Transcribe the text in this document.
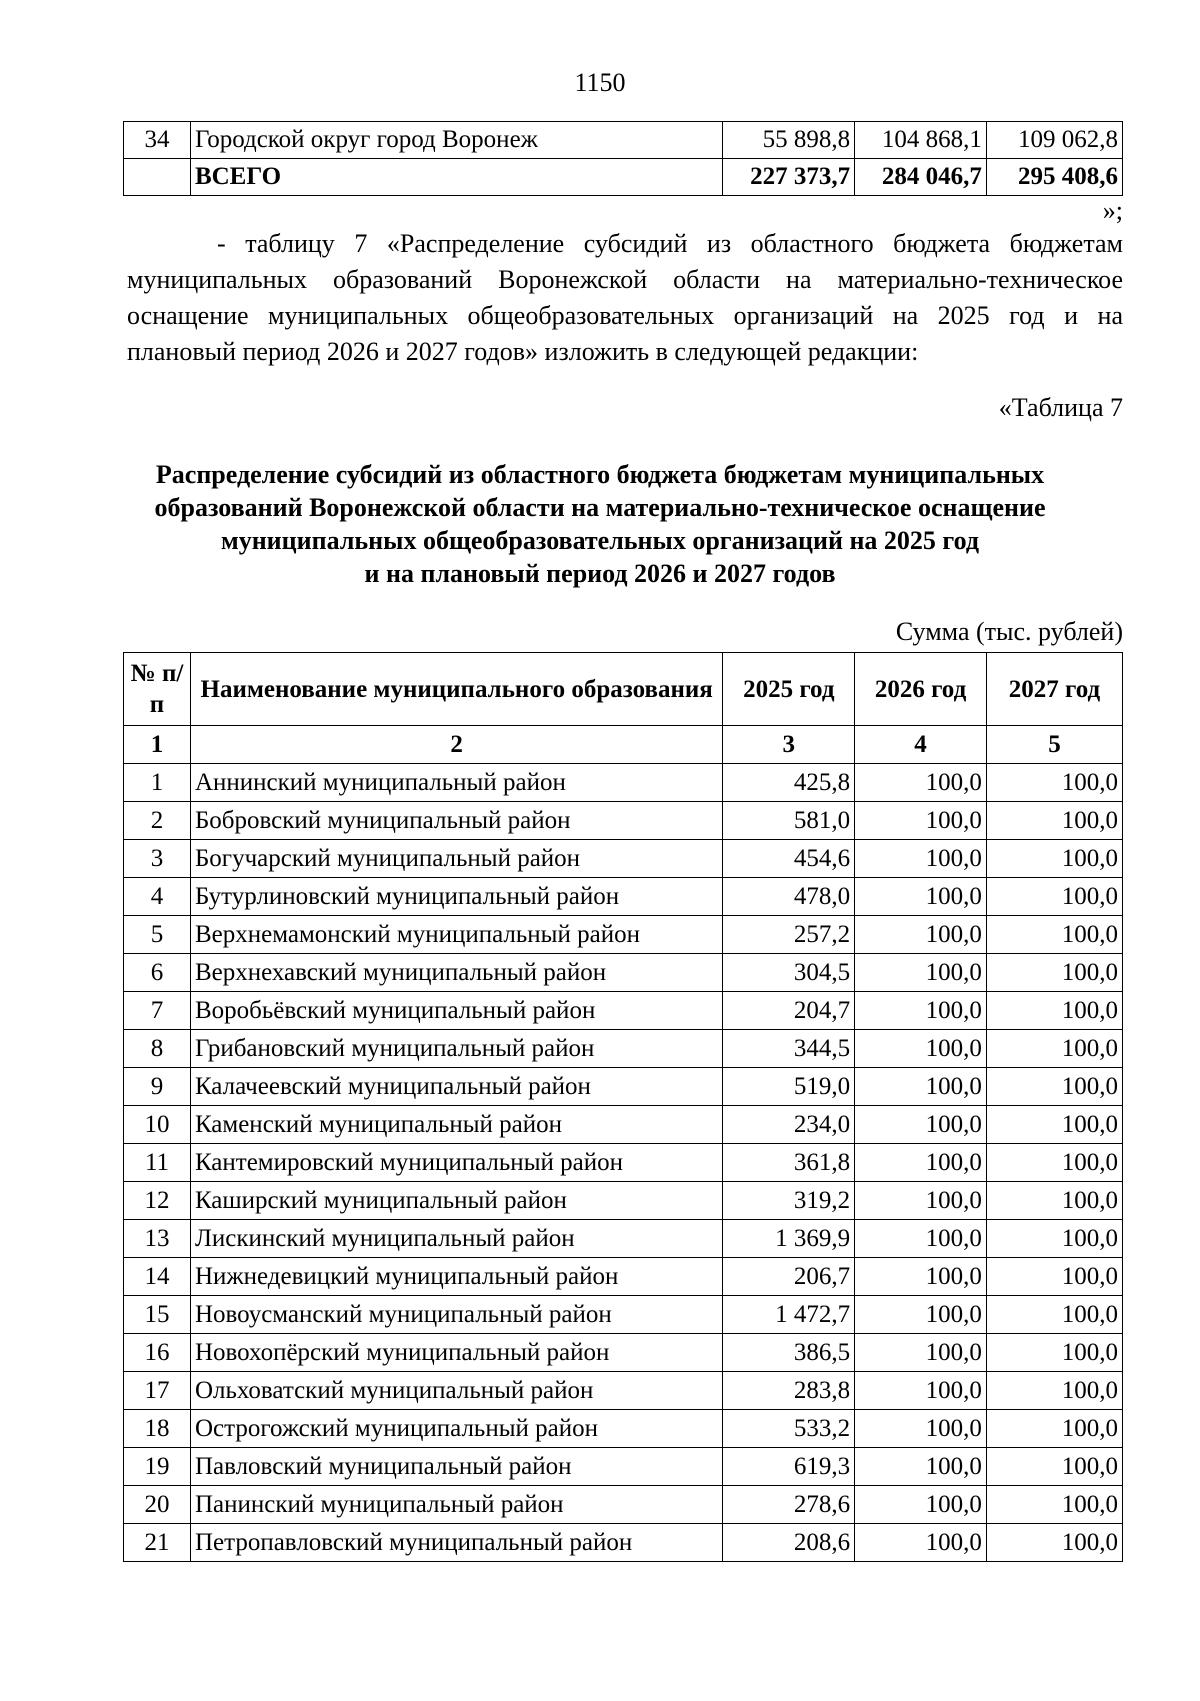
1150
34	Городской округ город Воронеж	55 898,8	104 868,1	109 062,8
	ВСЕГО	227 373,7	284 046,7	295 408,6
»;

- таблицу 7 «Распределение субсидий из областного бюджета бюджетам муниципальных образований Воронежской области на материально-техническое оснащение муниципальных общеобразовательных организаций на 2025 год и на плановый период 2026 и 2027 годов» изложить в следующей редакции:

«Таблица 7
Распределение субсидий из областного бюджета бюджетам муниципальных
образований Воронежской области на материально-техническое оснащение
муниципальных общеобразовательных организаций на 2025 год
и на плановый период 2026 и 2027 годов
Сумма (тыс. рублей)
№ п/п	Наименование муниципального образования	2025 год	2026 год	2027 год
1	2	3	4	5
1	Аннинский муниципальный район	425,8	100,0	100,0
2	Бобровский муниципальный район	581,0	100,0	100,0
3	Богучарский муниципальный район	454,6	100,0	100,0
4	Бутурлиновский муниципальный район	478,0	100,0	100,0
5	Верхнемамонский муниципальный район	257,2	100,0	100,0
6	Верхнехавский муниципальный район	304,5	100,0	100,0
7	Воробьёвский муниципальный район	204,7	100,0	100,0
8	Грибановский муниципальный район	344,5	100,0	100,0
9	Калачеевский муниципальный район	519,0	100,0	100,0
10	Каменский муниципальный район	234,0	100,0	100,0
11	Кантемировский муниципальный район	361,8	100,0	100,0
12	Каширский муниципальный район	319,2	100,0	100,0
13	Лискинский муниципальный район	1 369,9	100,0	100,0
14	Нижнедевицкий муниципальный район	206,7	100,0	100,0
15	Новоусманский муниципальный район	1 472,7	100,0	100,0
16	Новохопёрский муниципальный район	386,5	100,0	100,0
17	Ольховатский муниципальный район	283,8	100,0	100,0
18	Острогожский муниципальный район	533,2	100,0	100,0
19	Павловский муниципальный район	619,3	100,0	100,0
20	Панинский муниципальный район	278,6	100,0	100,0
21	Петропавловский муниципальный район	208,6	100,0	100,0
